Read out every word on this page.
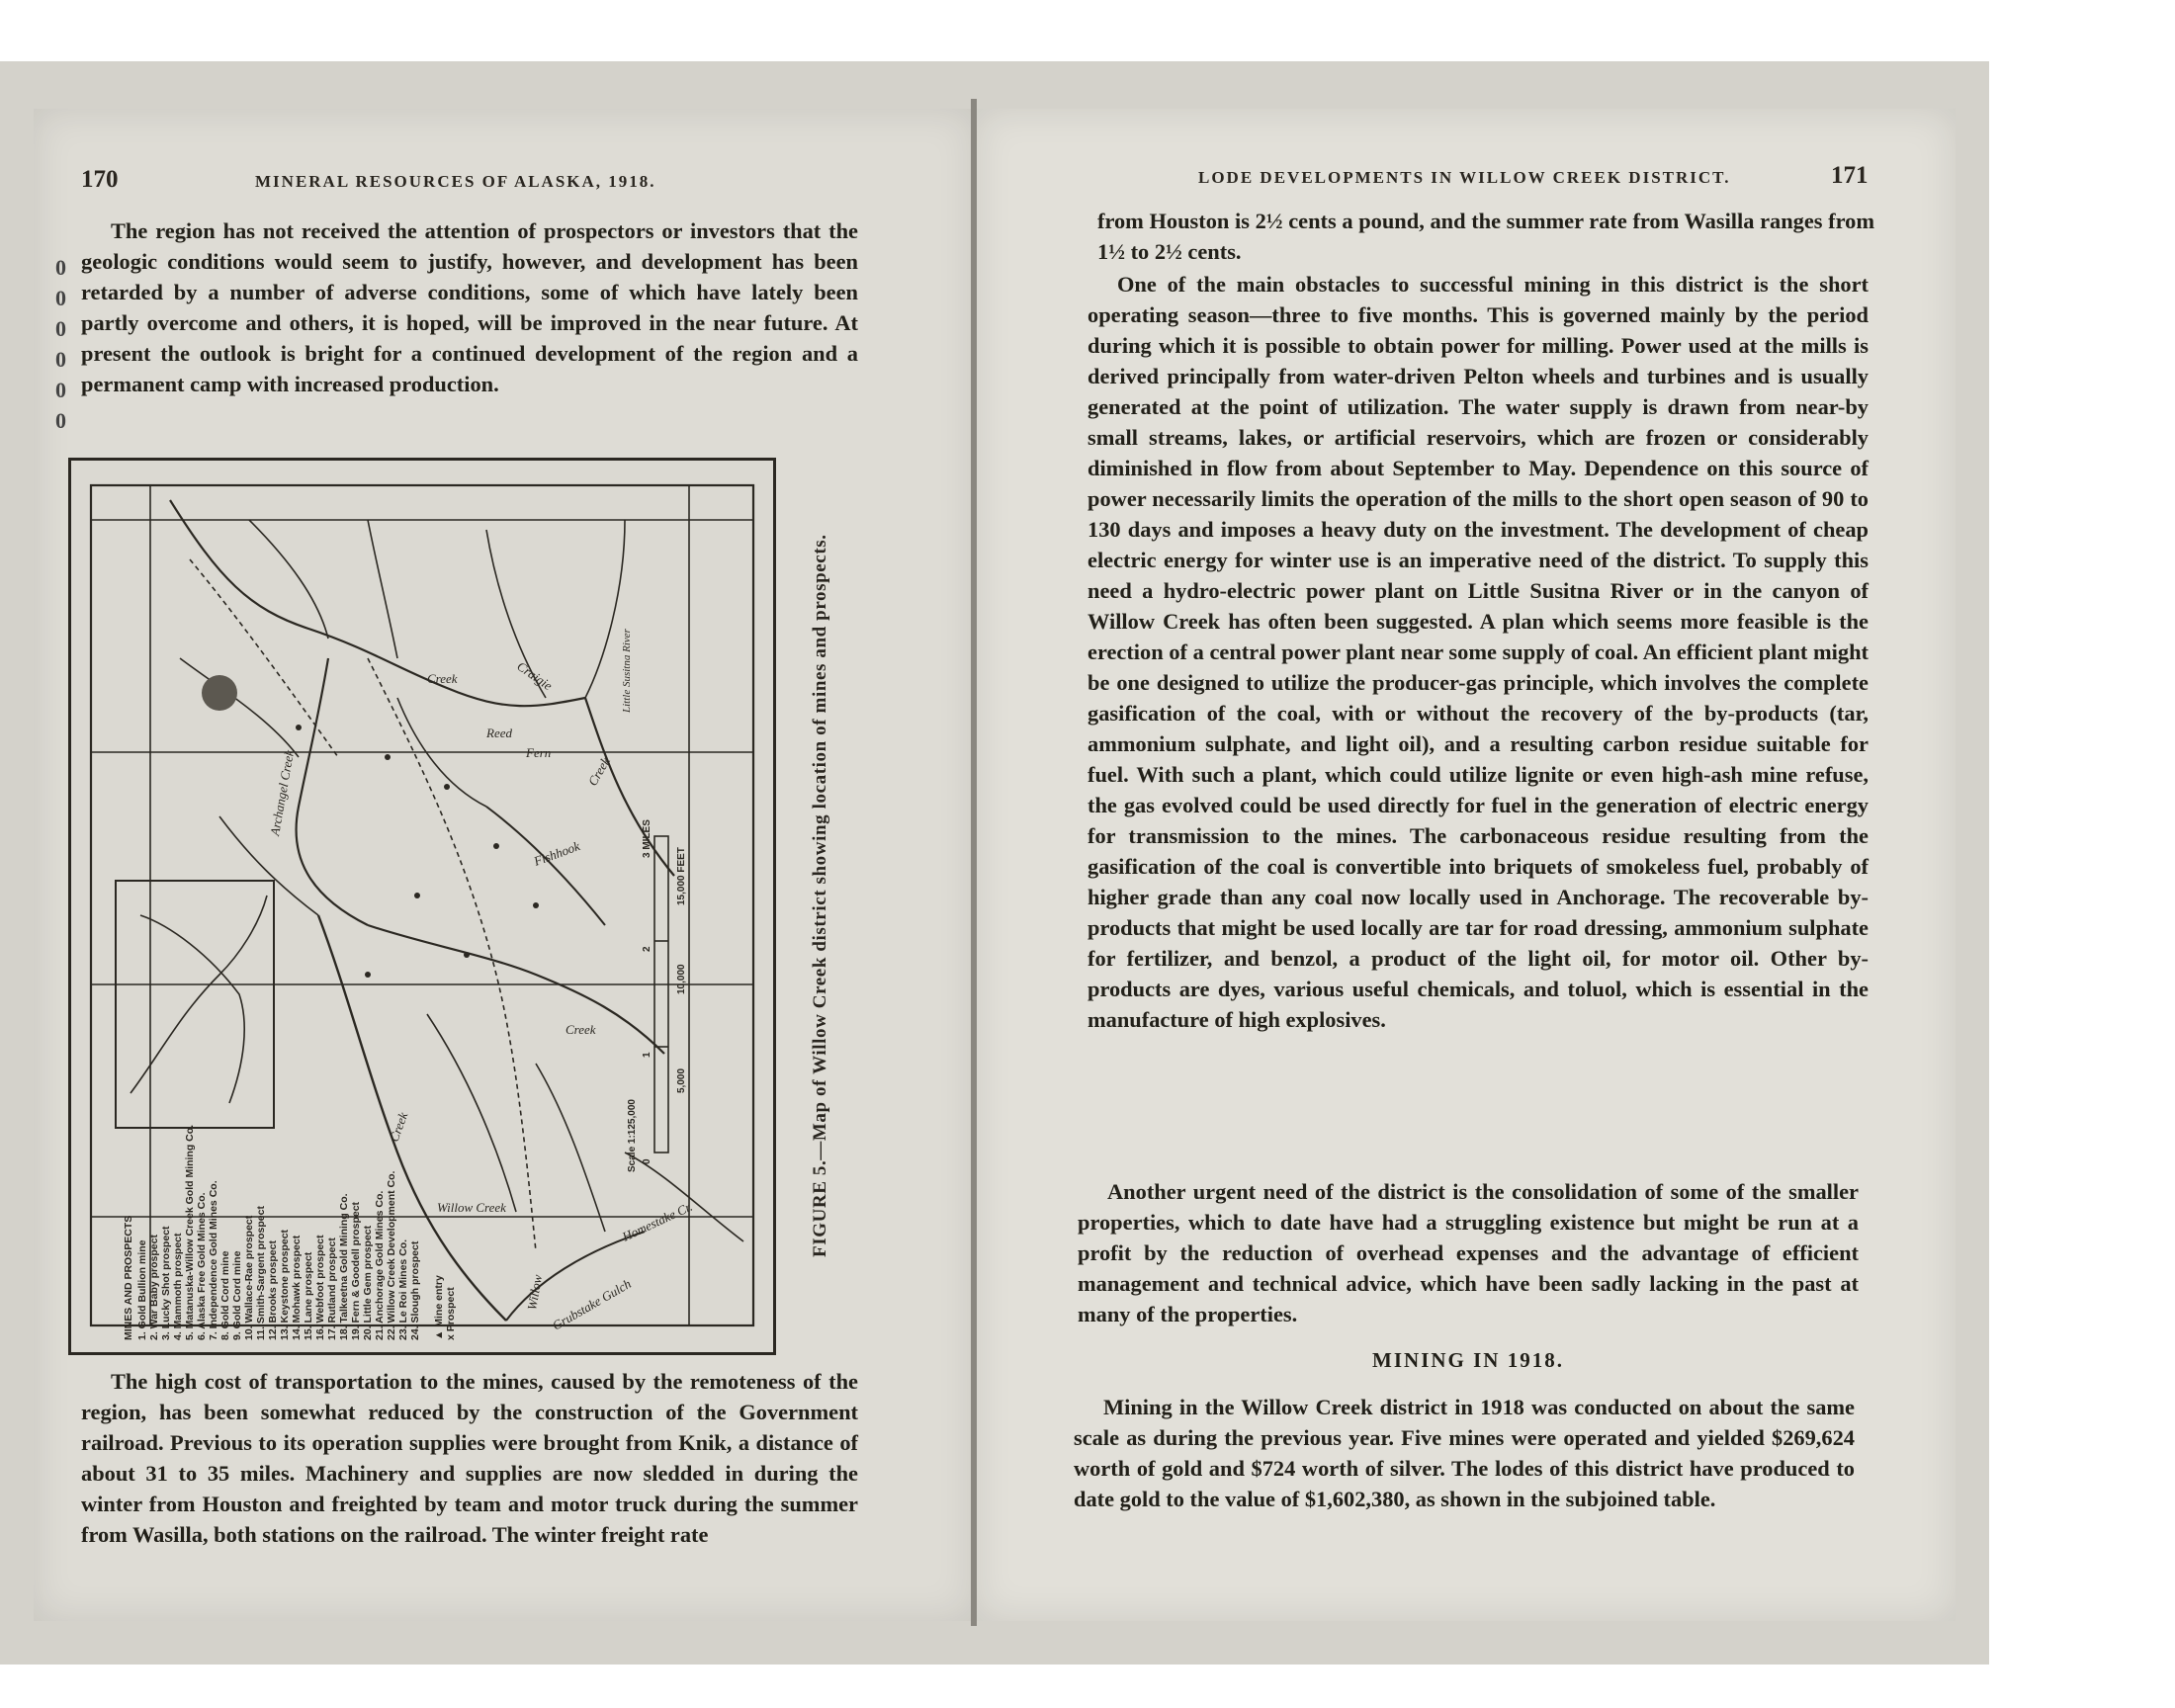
170	MINERAL RESOURCES OF ALASKA, 1918.

The region has not received the attention of prospectors or investors that the geologic conditions would seem to justify, however, and development has been retarded by a number of adverse conditions, some of which have lately been partly overcome and others, it is hoped, will be improved in the near future. At present the outlook is bright for a continued development of the region and a permanent camp with increased production.

0 0 0 0 0 0
Creek	Craigie
Fishhook
Creek
Willow
Creek
Homestake Cr.
Grubstake Gulch
Archangel Creek
Reed
Fern
Creek
Little Susitna River
Willow Creek
0
1
2
3 MILES
5,000
10,000
15,000 FEET
Scale 1:125,000
MINES AND PROSPECTS 1. Gold Bullion mine 2. War Baby prospect 3. Lucky Shot prospect 4. Mammoth prospect 5. Matanuska-Willow Creek Gold Mining Co. 6. Alaska Free Gold Mines Co. 7. Independence Gold Mines Co. 8. Gold Cord mine 9. Gold Cord mine 10. Wallace-Rae prospect 11. Smith-Sargent prospect 12. Brooks prospect 13. Keystone prospect 14. Mohawk prospect 15. Lane prospect 16. Webfoot prospect 17. Rutland prospect 18. Talkeetna Gold Mining Co. 19. Fern & Goodell prospect 20. Little Gem prospect 21. Anchorage Gold Mines Co. 22. Willow Creek Development Co. 23. Le Roi Mines Co. 24. Slough prospect ▲ Mine entry x Prospect
FIGURE 5.—Map of Willow Creek district showing location of mines and prospects.

The high cost of transportation to the mines, caused by the remoteness of the region, has been somewhat reduced by the construction of the Government railroad. Previous to its operation supplies were brought from Knik, a distance of about 31 to 35 miles. Machinery and supplies are now sledded in during the winter from Houston and freighted by team and motor truck during the summer from Wasilla, both stations on the railroad. The winter freight rate

LODE DEVELOPMENTS IN WILLOW CREEK DISTRICT.	171

from Houston is 2½ cents a pound, and the summer rate from Wasilla ranges from 1½ to 2½ cents.

One of the main obstacles to successful mining in this district is the short operating season—three to five months. This is governed mainly by the period during which it is possible to obtain power for milling. Power used at the mills is derived principally from water-driven Pelton wheels and turbines and is usually generated at the point of utilization. The water supply is drawn from near-by small streams, lakes, or artificial reservoirs, which are frozen or considerably diminished in flow from about September to May. Dependence on this source of power necessarily limits the operation of the mills to the short open season of 90 to 130 days and imposes a heavy duty on the investment. The development of cheap electric energy for winter use is an imperative need of the district. To supply this need a hydro-electric power plant on Little Susitna River or in the canyon of Willow Creek has often been suggested. A plan which seems more feasible is the erection of a central power plant near some supply of coal. An efficient plant might be one designed to utilize the producer-gas principle, which involves the complete gasification of the coal, with or without the recovery of the by-products (tar, ammonium sulphate, and light oil), and a resulting carbon residue suitable for fuel. With such a plant, which could utilize lignite or even high-ash mine refuse, the gas evolved could be used directly for fuel in the generation of electric energy for transmission to the mines. The carbonaceous residue resulting from the gasification of the coal is convertible into briquets of smokeless fuel, probably of higher grade than any coal now locally used in Anchorage. The recoverable by-products that might be used locally are tar for road dressing, ammonium sulphate for fertilizer, and benzol, a product of the light oil, for motor oil. Other by-products are dyes, various useful chemicals, and toluol, which is essential in the manufacture of high explosives.

Another urgent need of the district is the consolidation of some of the smaller properties, which to date have had a struggling existence but might be run at a profit by the reduction of overhead expenses and the advantage of efficient management and technical advice, which have been sadly lacking in the past at many of the properties.

MINING IN 1918.

Mining in the Willow Creek district in 1918 was conducted on about the same scale as during the previous year. Five mines were operated and yielded $269,624 worth of gold and $724 worth of silver. The lodes of this district have produced to date gold to the value of $1,602,380, as shown in the subjoined table.
